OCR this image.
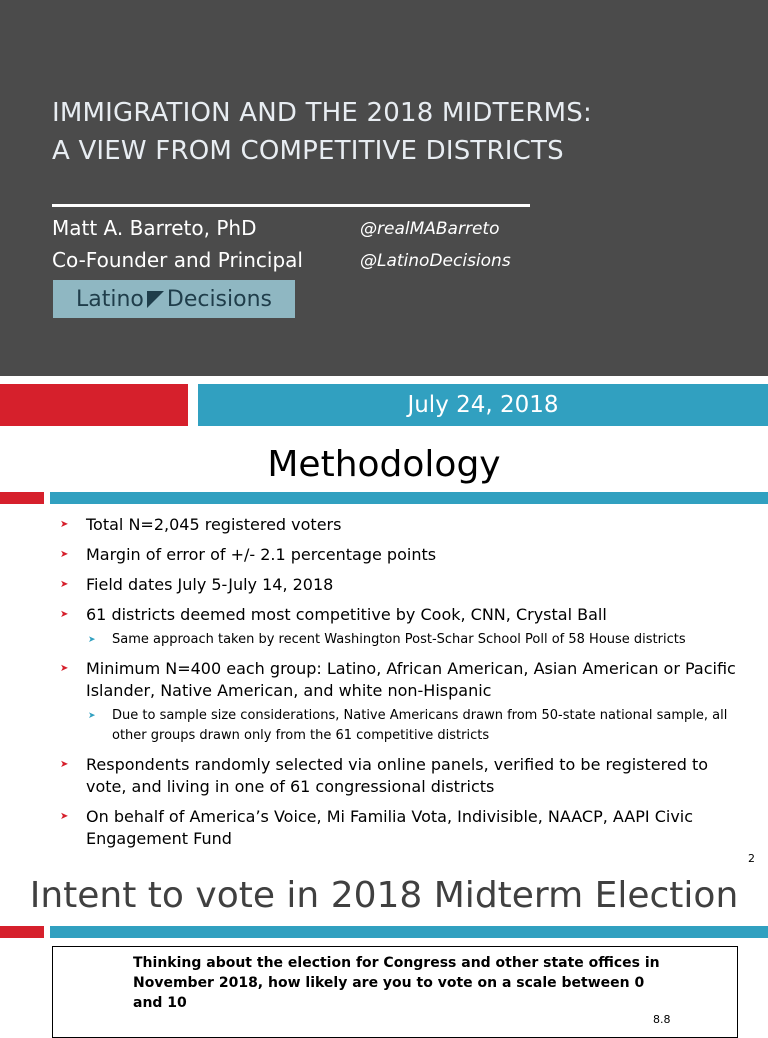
IMMIGRATION AND THE 2018 MIDTERMS:
A VIEW FROM COMPETITIVE DISTRICTS
Matt A. Barreto, PhD
Co-Founder and Principal
@realMABarreto
@LatinoDecisions
Latino Decisions
July 24, 2018
Methodology
➤ Total N=2,045 registered voters
➤ Margin of error of +/- 2.1 percentage points
➤ Field dates July 5-July 14, 2018
➤ 61 districts deemed most competitive by Cook, CNN, Crystal Ball
➤ Same approach taken by recent Washington Post-Schar School Poll of 58 House districts
➤ Minimum N=400 each group: Latino, African American, Asian American or Pacific Islander, Native American, and white non-Hispanic
➤ Due to sample size considerations, Native Americans drawn from 50-state national sample, all other groups drawn only from the 61 competitive districts
➤ Respondents randomly selected via online panels, verified to be registered to vote, and living in one of 61 congressional districts
➤ On behalf of America’s Voice, Mi Familia Vota, Indivisible, NAACP, AAPI Civic Engagement Fund
2
Intent to vote in 2018 Midterm Election
Thinking about the election for Congress and other state offices in November 2018, how likely are you to vote on a scale between 0 and 10
8.8
